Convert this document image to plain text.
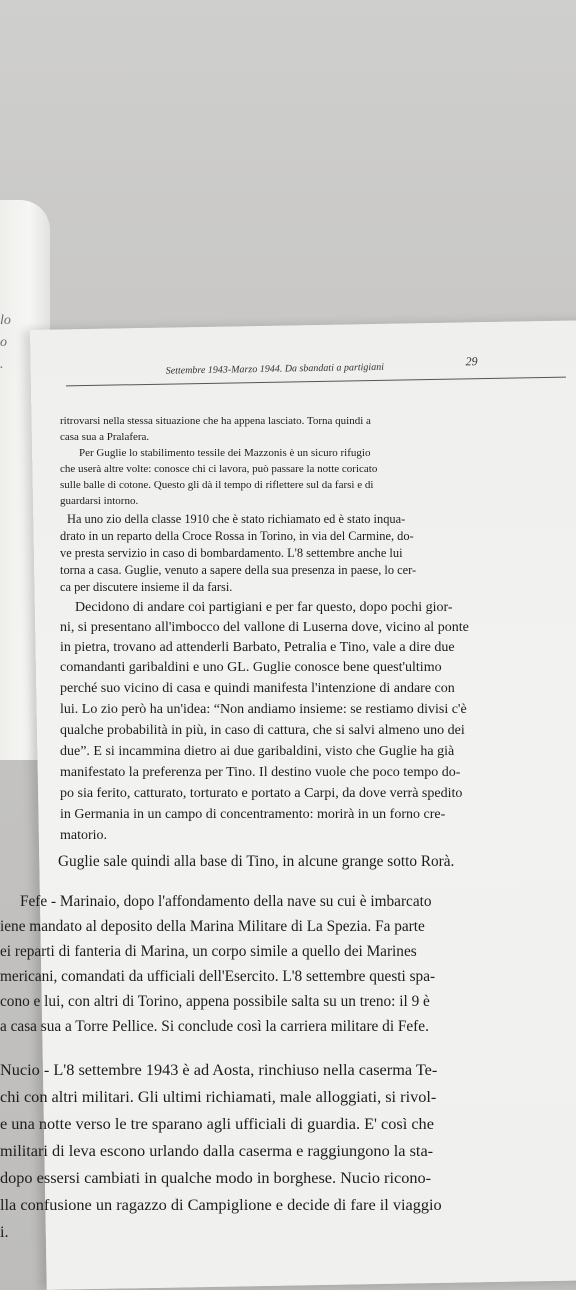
lo
o
.	Settembre 1943-Marzo 1944. Da sbandati a partigiani
29
ritrovarsi nella stessa situazione che ha appena lasciato. Torna quindi a
casa sua a Pralafera.
Per Guglie lo stabilimento tessile dei Mazzonis è un sicuro rifugio
che userà altre volte: conosce chi ci lavora, può passare la notte coricato
sulle balle di cotone. Questo gli dà il tempo di riflettere sul da farsi e di
guardarsi intorno.
Ha uno zio della classe 1910 che è stato richiamato ed è stato inqua-
drato in un reparto della Croce Rossa in Torino, in via del Carmine, do-
ve presta servizio in caso di bombardamento. L'8 settembre anche lui
torna a casa. Guglie, venuto a sapere della sua presenza in paese, lo cer-
ca per discutere insieme il da farsi.
Decidono di andare coi partigiani e per far questo, dopo pochi gior-
ni, si presentano all'imbocco del vallone di Luserna dove, vicino al ponte
in pietra, trovano ad attenderli Barbato, Petralia e Tino, vale a dire due
comandanti garibaldini e uno GL. Guglie conosce bene quest'ultimo
perché suo vicino di casa e quindi manifesta l'intenzione di andare con
lui. Lo zio però ha un'idea: “Non andiamo insieme: se restiamo divisi c'è
qualche probabilità in più, in caso di cattura, che si salvi almeno uno dei
due”. E si incammina dietro ai due garibaldini, visto che Guglie ha già
manifestato la preferenza per Tino. Il destino vuole che poco tempo do-
po sia ferito, catturato, torturato e portato a Carpi, da dove verrà spedito
in Germania in un campo di concentramento: morirà in un forno cre-
matorio.
Guglie sale quindi alla base di Tino, in alcune grange sotto Rorà.
Fefe - Marinaio, dopo l'affondamento della nave su cui è imbarcato
iene mandato al deposito della Marina Militare di La Spezia. Fa parte
ei reparti di fanteria di Marina, un corpo simile a quello dei Marines
mericani, comandati da ufficiali dell'Esercito. L'8 settembre questi spa-
cono e lui, con altri di Torino, appena possibile salta su un treno: il 9 è
a casa sua a Torre Pellice. Si conclude così la carriera militare di Fefe.
Nucio - L'8 settembre 1943 è ad Aosta, rinchiuso nella caserma Te-
chi con altri militari. Gli ultimi richiamati, male alloggiati, si rivol-
e una notte verso le tre sparano agli ufficiali di guardia. E' così che
militari di leva escono urlando dalla caserma e raggiungono la sta-
dopo essersi cambiati in qualche modo in borghese. Nucio ricono-
lla confusione un ragazzo di Campiglione e decide di fare il viaggio
i.
